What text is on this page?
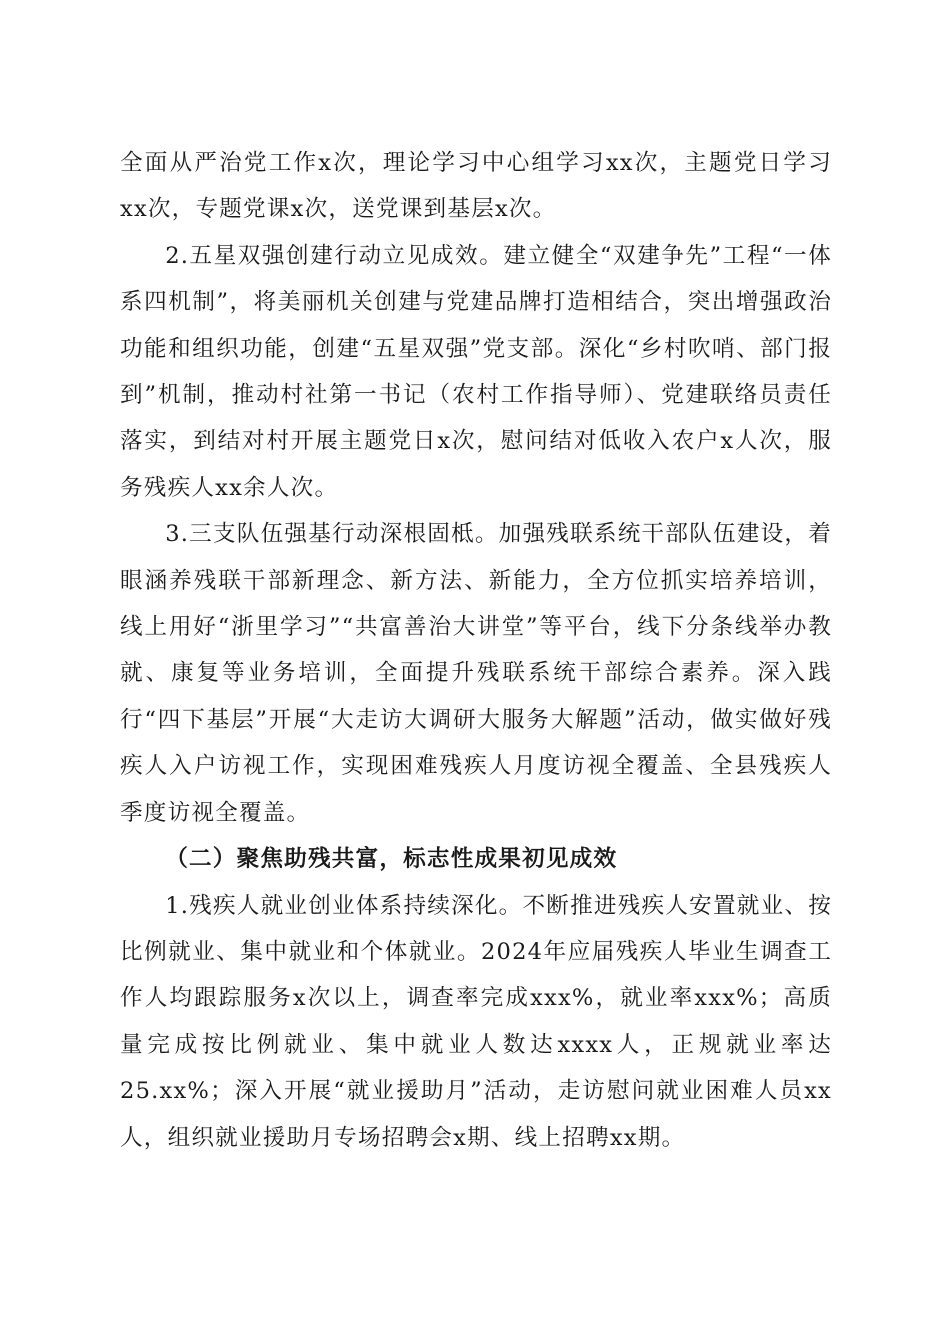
全面从严治党工作x次，理论学习中心组学习xx次，主题党日学习xx次，专题党课x次，送党课到基层x次。

2.五星双强创建行动立见成效。建立健全“双建争先”工程“一体系四机制”，将美丽机关创建与党建品牌打造相结合，突出增强政治功能和组织功能，创建“五星双强”党支部。深化“乡村吹哨、部门报到”机制，推动村社第一书记（农村工作指导师）、党建联络员责任落实，到结对村开展主题党日x次，慰问结对低收入农户x人次，服务残疾人xx余人次。

3.三支队伍强基行动深根固柢。加强残联系统干部队伍建设，着眼涵养残联干部新理念、新方法、新能力，全方位抓实培养培训，线上用好“浙里学习”“共富善治大讲堂”等平台，线下分条线举办教就、康复等业务培训，全面提升残联系统干部综合素养。深入践行“四下基层”开展“大走访大调研大服务大解题”活动，做实做好残疾人入户访视工作，实现困难残疾人月度访视全覆盖、全县残疾人季度访视全覆盖。

（二）聚焦助残共富，标志性成果初见成效

1.残疾人就业创业体系持续深化。不断推进残疾人安置就业、按比例就业、集中就业和个体就业。2024年应届残疾人毕业生调查工作人均跟踪服务x次以上，调查率完成xxx%，就业率xxx%；高质量完成按比例就业、集中就业人数达xxxx人，正规就业率达25.xx%；深入开展“就业援助月”活动，走访慰问就业困难人员xx人，组织就业援助月专场招聘会x期、线上招聘xx期。
